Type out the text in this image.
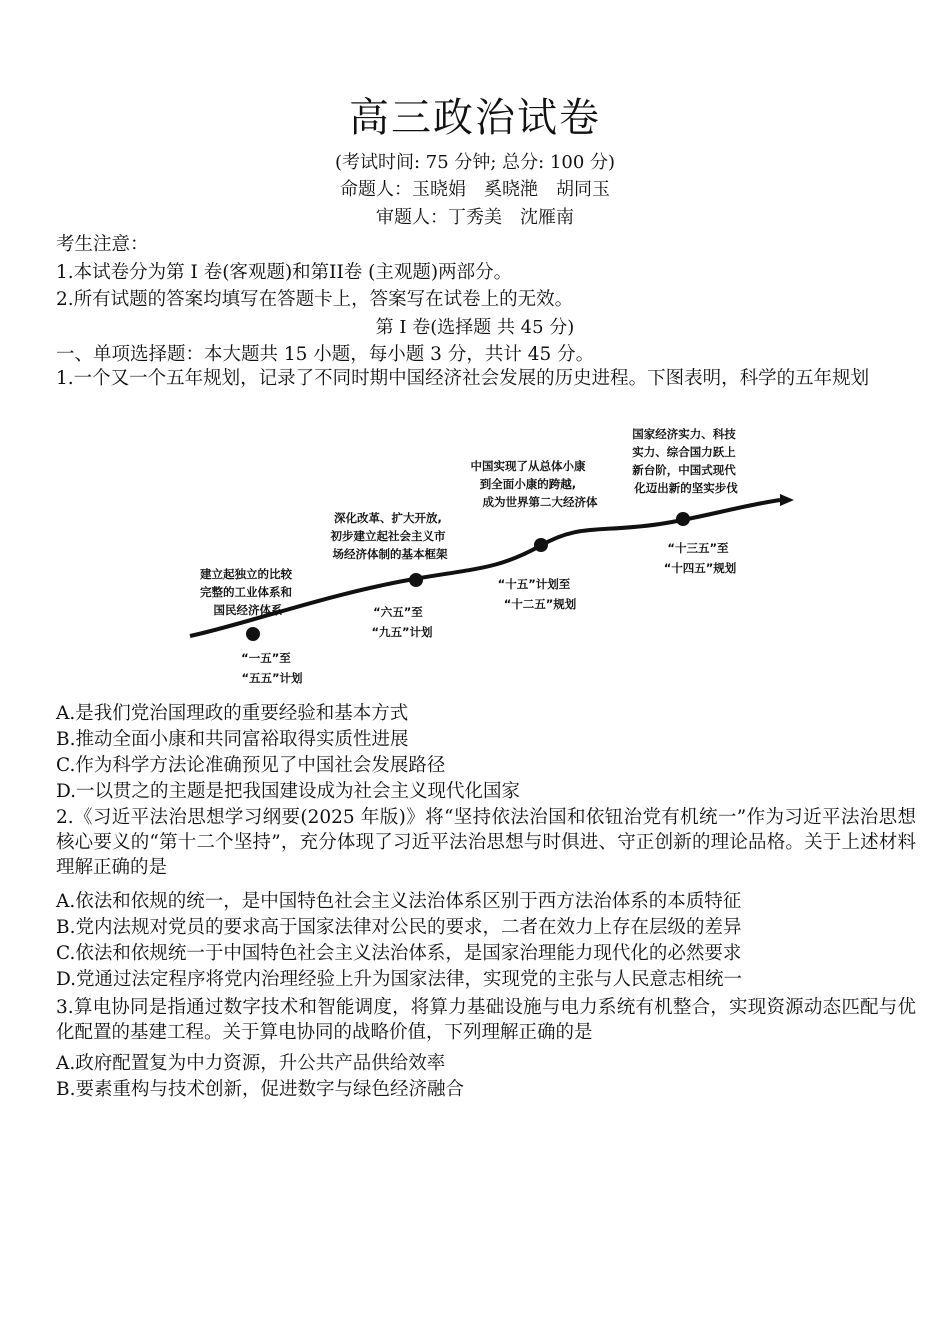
高三政治试卷
(考试时间: 75 分钟; 总分: 100 分)
命题人：玉晓娟　奚晓滟　胡同玉
审题人：丁秀美　沈雁南
考生注意：
1.本试卷分为第 I 卷(客观题)和第II卷 (主观题)两部分。
2.所有试题的答案均填写在答题卡上，答案写在试卷上的无效。
第 I 卷(选择题 共 45 分)
一、单项选择题：本大题共 15 小题，每小题 3 分，共计 45 分。
1.一个又一个五年规划，记录了不同时期中国经济社会发展的历史进程。下图表明，科学的五年规划
建立起独立的比较 完整的工业体系和 国民经济体系
“一五”至 “五五”计划
深化改革、扩大开放, 初步建立起社会主义市 场经济体制的基本框架
“六五”至 “九五”计划
中国实现了从总体小康 到全面小康的跨越, 成为世界第二大经济体
“十五”计划至 “十二五”规划
国家经济实力、科技 实力、综合国力跃上 新台阶，中国式现代 化迈出新的坚实步伐
“十三五”至 “十四五”规划
A.是我们党治国理政的重要经验和基本方式
B.推动全面小康和共同富裕取得实质性进展
C.作为科学方法论准确预见了中国社会发展路径
D.一以贯之的主题是把我国建设成为社会主义现代化国家
2.《习近平法治思想学习纲要(2025 年版)》将“坚持依法治国和依钮治党有机统一”作为习近平法治思想核心要义的“第十二个坚持”，充分体现了习近平法治思想与时俱进、守正创新的理论品格。关于上述材料理解正确的是
A.依法和依规的统一，是中国特色社会主义法治体系区别于西方法治体系的本质特征
B.党内法规对党员的要求高于国家法律对公民的要求，二者在效力上存在层级的差异
C.依法和依规统一于中国特色社会主义法治体系，是国家治理能力现代化的必然要求
D.党通过法定程序将党内治理经验上升为国家法律，实现党的主张与人民意志相统一
3.算电协同是指通过数字技术和智能调度，将算力基础设施与电力系统有机整合，实现资源动态匹配与优化配置的基建工程。关于算电协同的战略价值，下列理解正确的是
A.政府配置复为中力资源，升公共产品供给效率
B.要素重构与技术创新，促进数字与绿色经济融合
